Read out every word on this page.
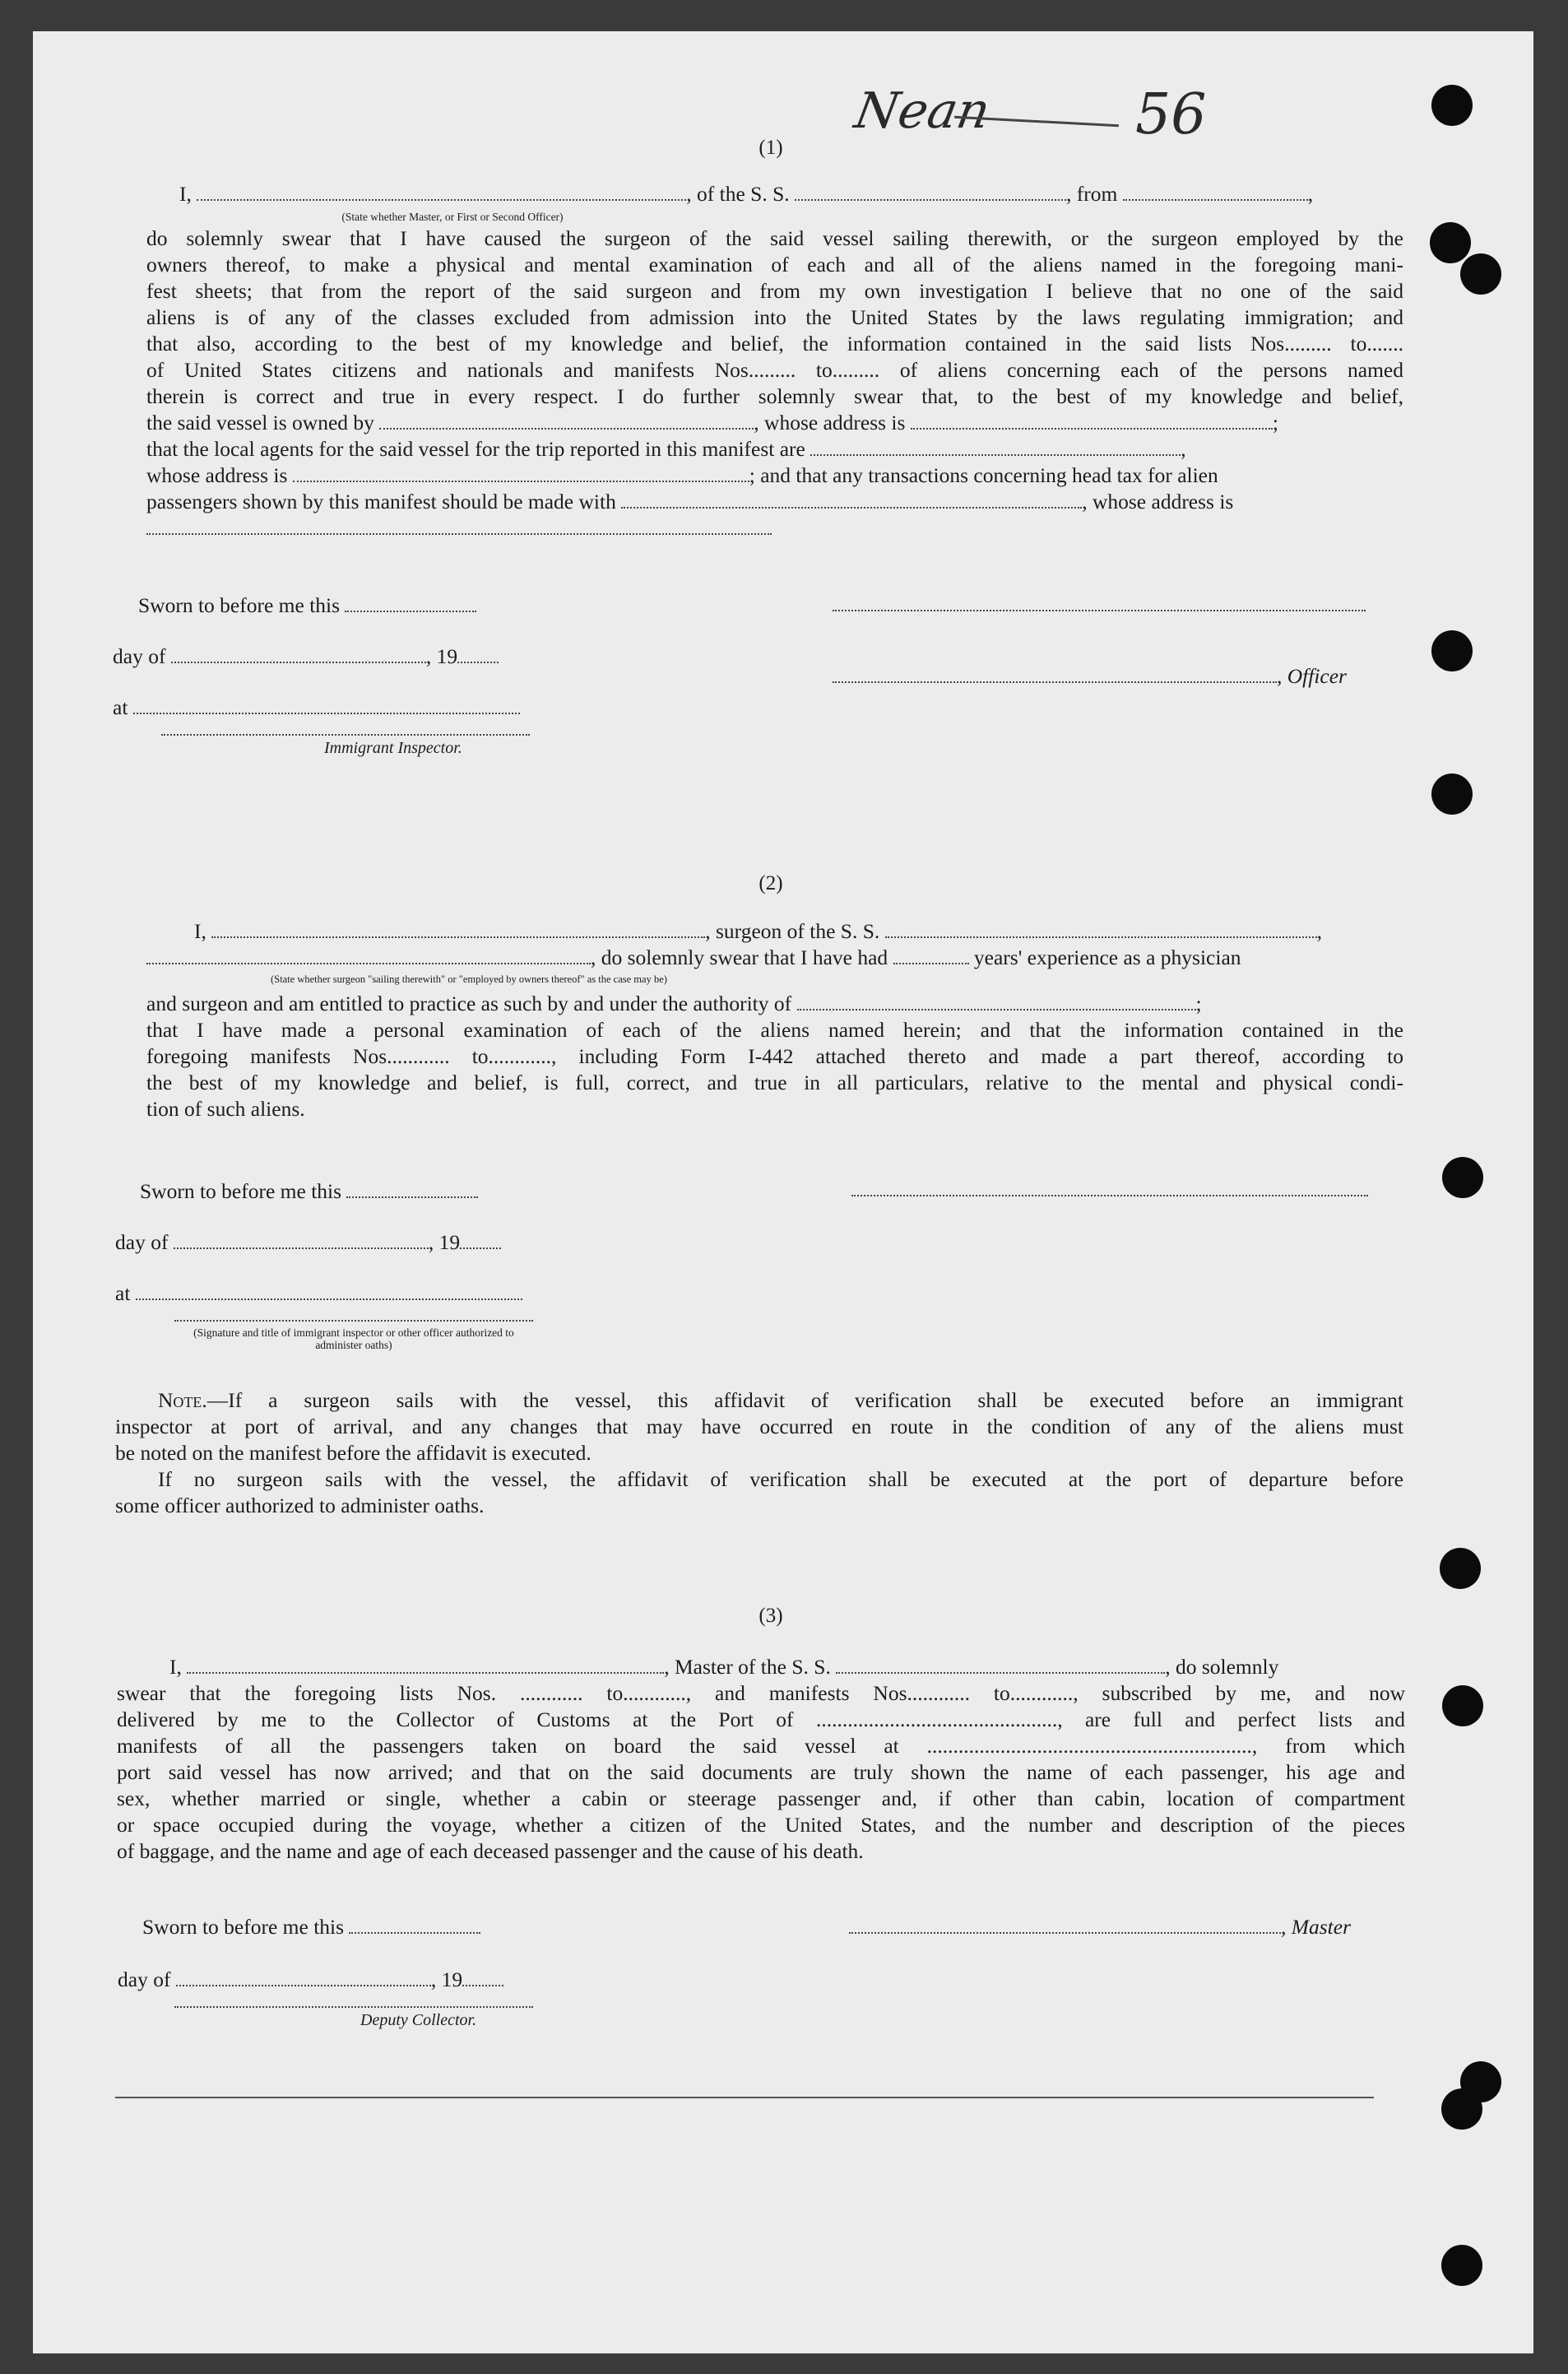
Nean	56
(1)
I,	, of the S. S.	, from	,
(State whether Master, or First or Second Officer)
do solemnly swear that I have caused the surgeon of the said vessel sailing therewith, or the surgeon employed by the
owners thereof, to make a physical and mental examination of each and all of the aliens named in the foregoing mani-
fest sheets; that from the report of the said surgeon and from my own investigation I believe that no one of the said
aliens is of any of the classes excluded from admission into the United States by the laws regulating immigration; and
that also, according to the best of my knowledge and belief, the information contained in the said lists Nos......... to.......
of United States citizens and nationals and manifests Nos......... to......... of aliens concerning each of the persons named
therein is correct and true in every respect. I do further solemnly swear that, to the best of my knowledge and belief,
the said vessel is owned by	, whose address is	;
that the local agents for the said vessel for the trip reported in this manifest are	,
whose address is	; and that any transactions concerning head tax for alien
passengers shown by this manifest should be made with	, whose address is
Sworn to before me this
day of	, 19
, Officer
at
Immigrant Inspector.
(2)
I,	, surgeon of the S. S.	,
, do solemnly swear that I have had	years' experience as a physician
(State whether surgeon "sailing therewith" or "employed by owners thereof" as the case may be)
and surgeon and am entitled to practice as such by and under the authority of	;
that I have made a personal examination of each of the aliens named herein; and that the information contained in the
foregoing manifests Nos............ to............, including Form I-442 attached thereto and made a part thereof, according to
the best of my knowledge and belief, is full, correct, and true in all particulars, relative to the mental and physical condi-
tion of such aliens.
Sworn to before me this
day of	, 19
at
(Signature and title of immigrant inspector or other officer authorized to administer oaths)
Note.—If a surgeon sails with the vessel, this affidavit of verification shall be executed before an immigrant
inspector at port of arrival, and any changes that may have occurred en route in the condition of any of the aliens must
be noted on the manifest before the affidavit is executed.
If no surgeon sails with the vessel, the affidavit of verification shall be executed at the port of departure before
some officer authorized to administer oaths.
(3)
I,	, Master of the S. S.	, do solemnly
swear that the foregoing lists Nos. ............ to............, and manifests Nos............ to............, subscribed by me, and now
delivered by me to the Collector of Customs at the Port of .............................................., are full and perfect lists and
manifests of all the passengers taken on board the said vessel at .............................................................., from which
port said vessel has now arrived; and that on the said documents are truly shown the name of each passenger, his age and
sex, whether married or single, whether a cabin or steerage passenger and, if other than cabin, location of compartment
or space occupied during the voyage, whether a citizen of the United States, and the number and description of the pieces
of baggage, and the name and age of each deceased passenger and the cause of his death.
Sworn to before me this	, Master
day of	, 19
Deputy Collector.
